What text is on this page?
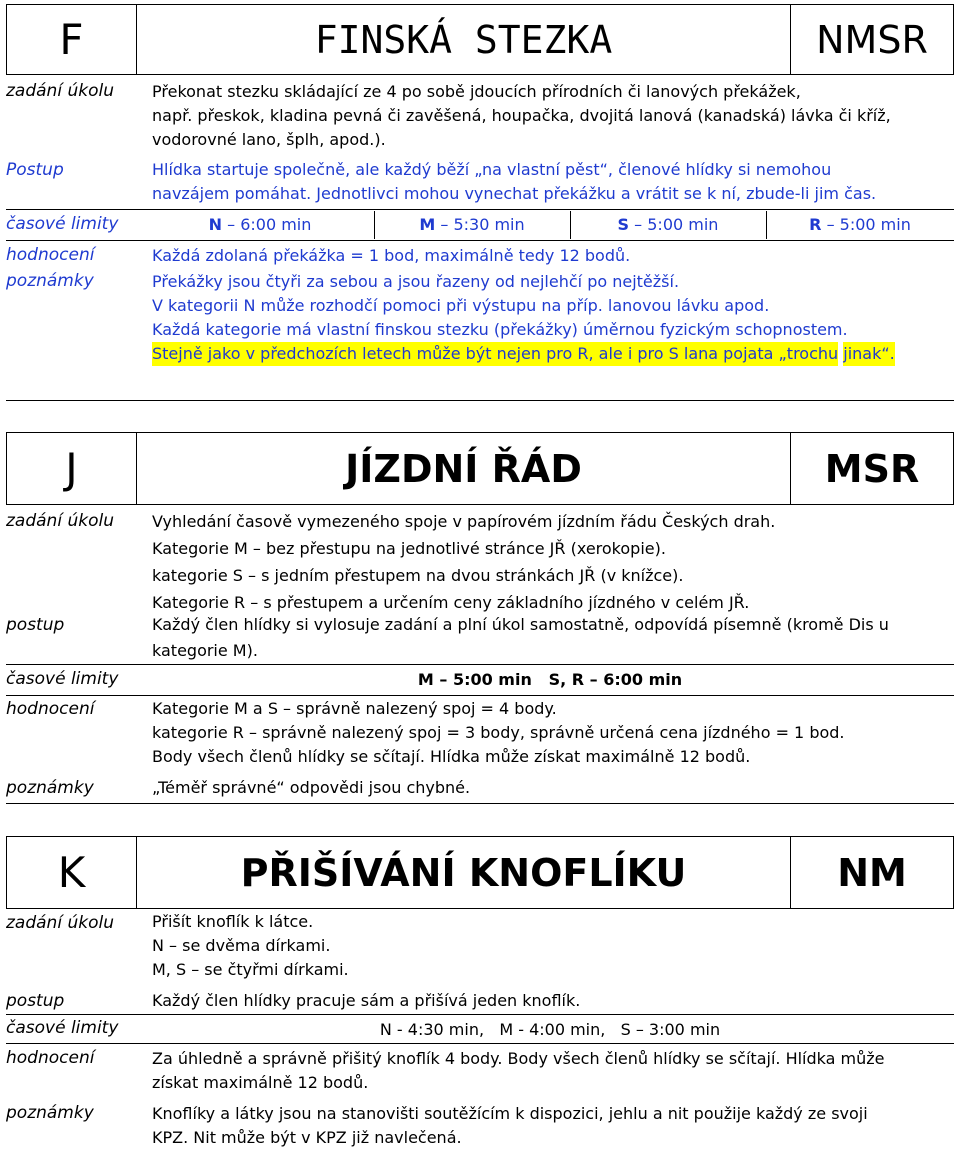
F	FINSKÁ STEZKA	NMSR
zadání úkolu	Překonat stezku skládající ze 4 po sobě jdoucích přírodních či lanových překážek,
např. přeskok, kladina pevná či zavěšená, houpačka, dvojitá lanová (kanadská) lávka či kříž,
vodorovné lano, šplh, apod.).
Postup	Hlídka startuje společně, ale každý běží „na vlastní pěst“, členové hlídky si nemohou
navzájem pomáhat. Jednotlivci mohou vynechat překážku a vrátit se k ní, zbude-li jim čas.
časové limity	N – 6:00 min	M – 5:30 min	S – 5:00 min	R – 5:00 min
hodnocení	Každá zdolaná překážka = 1 bod, maximálně tedy 12 bodů.
poznámky	Překážky jsou čtyři za sebou a jsou řazeny od nejlehčí po nejtěžší.
V kategorii N může rozhodčí pomoci při výstupu na příp. lanovou lávku apod.
Každá kategorie má vlastní finskou stezku (překážky) úměrnou fyzickým schopnostem.
Stejně jako v předchozích letech může být nejen pro R, ale i pro S lana pojata „trochu jinak“.
J	JÍZDNÍ ŘÁD	MSR
zadání úkolu	Vyhledání časově vymezeného spoje v papírovém jízdním řádu Českých drah.
Kategorie M – bez přestupu na jednotlivé stránce JŘ (xerokopie).
kategorie S – s jedním přestupem na dvou stránkách JŘ (v knížce).
Kategorie R – s přestupem a určením ceny základního jízdného v celém JŘ.
postup	Každý člen hlídky si vylosuje zadání a plní úkol samostatně, odpovídá písemně (kromě Dis u
kategorie M).
časové limity	M – 5:00 min   S, R – 6:00 min
hodnocení	Kategorie M a S – správně nalezený spoj = 4 body.
kategorie R – správně nalezený spoj = 3 body, správně určená cena jízdného = 1 bod.
Body všech členů hlídky se sčítají. Hlídka může získat maximálně 12 bodů.
poznámky	„Téměř správné“ odpovědi jsou chybné.
K	PŘIŠÍVÁNÍ KNOFLÍKU	NM
zadání úkolu	Přišít knoflík k látce.
N – se dvěma dírkami.
M, S – se čtyřmi dírkami.
postup	Každý člen hlídky pracuje sám a přišívá jeden knoflík.
časové limity	N - 4:30 min,   M - 4:00 min,   S – 3:00 min
hodnocení	Za úhledně a správně přišitý knoflík 4 body. Body všech členů hlídky se sčítají. Hlídka může
získat maximálně 12 bodů.
poznámky	Knoflíky a látky jsou na stanovišti soutěžícím k dispozici, jehlu a nit použije každý ze svoji
KPZ. Nit může být v KPZ již navlečená.
